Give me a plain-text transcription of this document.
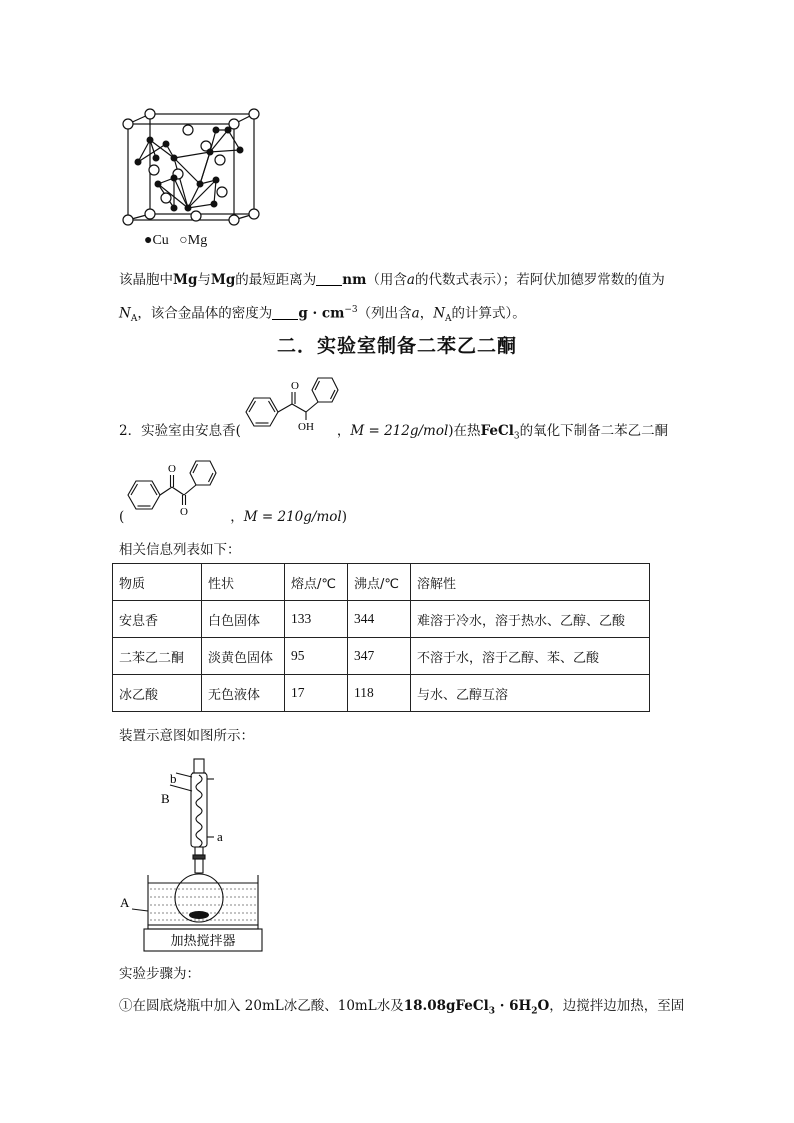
●Cu ○Mg
该晶胞中Mg与Mg的最短距离为 nm（用含a的代数式表示）；若阿伏加德罗常数的值为
$N_A$，该合金晶体的密度为 $g \cdot cm^{-3}$（列出含a，$N_A$的计算式）。
二．实验室制备二苯乙二酮
O
OH
2．实验室由安息香(	，M = 212g/mol)在热FeCl$_3$的氧化下制备二苯乙二酮
O
O
(	，M = 210g/mol)
相关信息列表如下：
物质	性状	熔点/℃	沸点/℃	溶解性
安息香	白色固体	133	344	难溶于冷水，溶于热水、乙醇、乙酸
二苯乙二酮	淡黄色固体	95	347	不溶于水，溶于乙醇、苯、乙酸
冰乙酸	无色液体	17	118	与水、乙醇互溶
装置示意图如图所示：
b
B
a
A
加热搅拌器
实验步骤为：
①在圆底烧瓶中加入 20mL冰乙酸、10mL水及18.08gFeCl$_3$ · $6H_2O$，边搅拌边加热，至固
